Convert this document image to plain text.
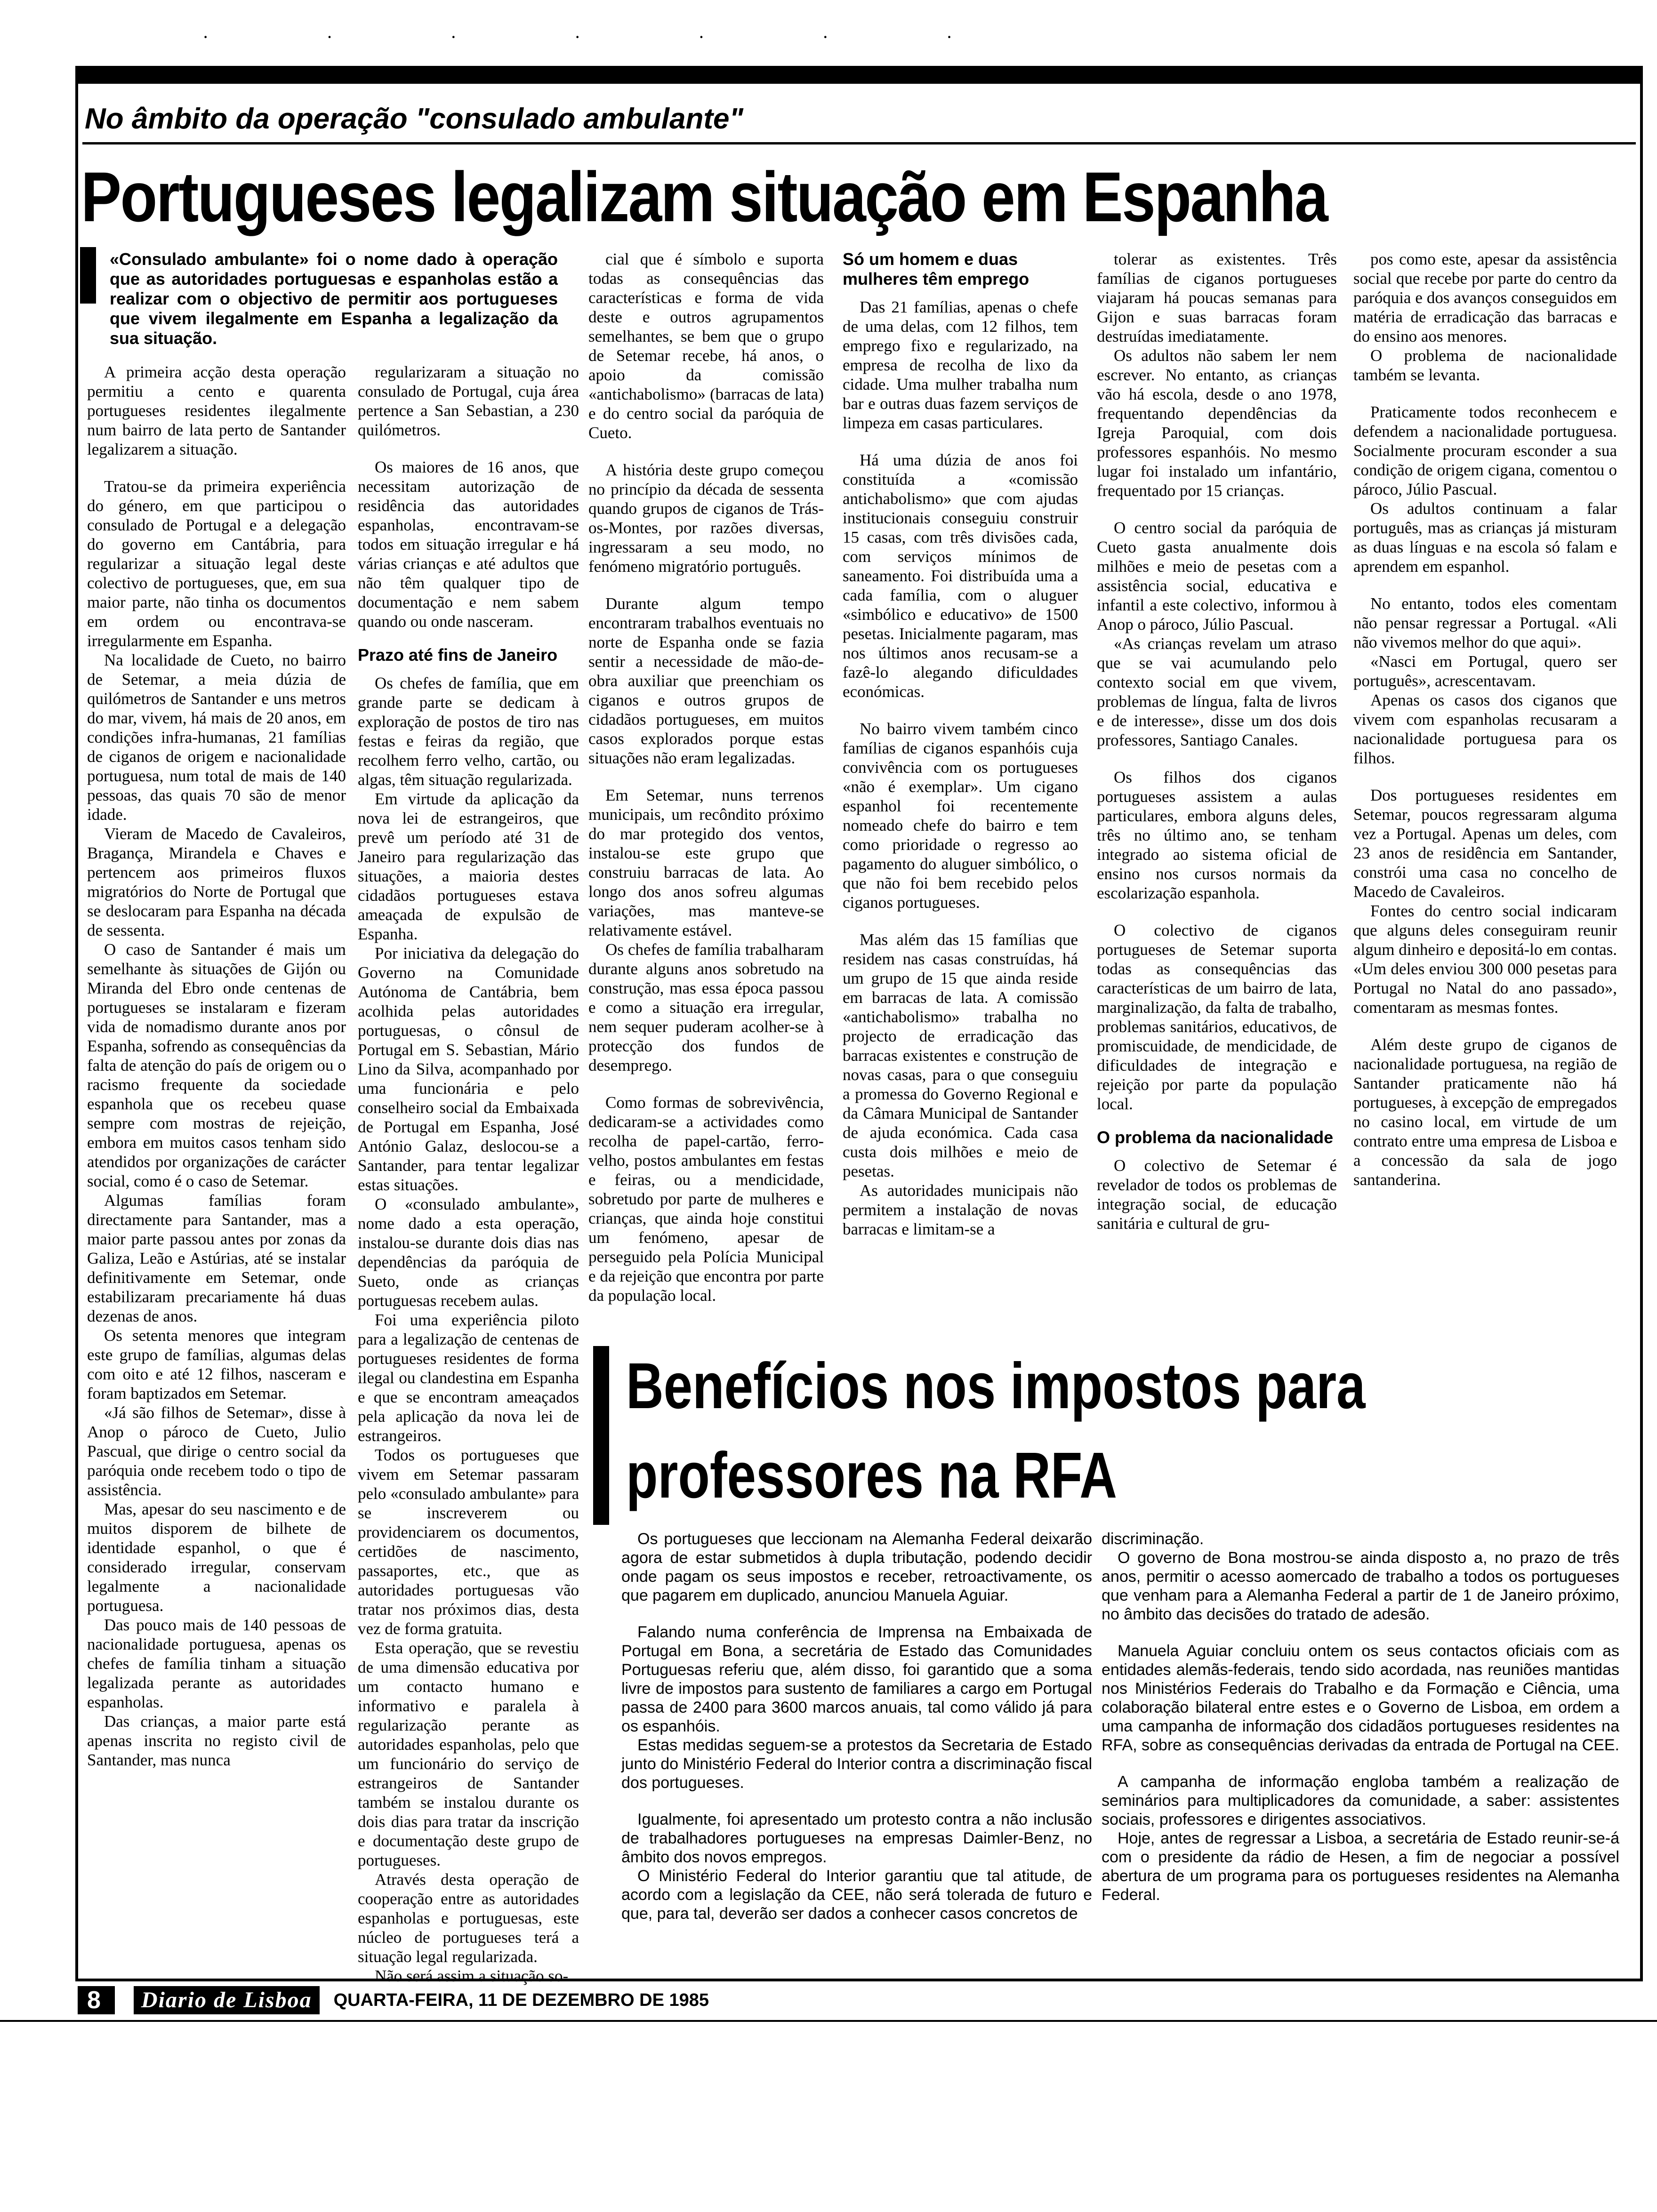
· · · · · · ·
No âmbito da operação "consulado ambulante"
Portugueses legalizam situação em Espanha
«Consulado ambulante» foi o nome dado à operação que as autoridades portuguesas e espanholas estão a realizar com o objectivo de permitir aos portugueses que vivem ilegalmente em Espanha a legalização da sua situação.

A primeira acção desta operação permitiu a cento e quarenta portugueses residentes ilegalmente num bairro de lata perto de Santander legalizarem a situação.

Tratou-se da primeira experiência do género, em que participou o consulado de Portugal e a delegação do governo em Cantábria, para regularizar a situação legal deste colectivo de portugueses, que, em sua maior parte, não tinha os documentos em ordem ou encontrava-se irregularmente em Espanha.

Na localidade de Cueto, no bairro de Setemar, a meia dúzia de quilómetros de Santander e uns metros do mar, vivem, há mais de 20 anos, em condições infra-humanas, 21 famílias de ciganos de origem e nacionalidade portuguesa, num total de mais de 140 pessoas, das quais 70 são de menor idade.

Vieram de Macedo de Cavaleiros, Bragança, Mirandela e Chaves e pertencem aos primeiros fluxos migratórios do Norte de Portugal que se deslocaram para Espanha na década de sessenta.

O caso de Santander é mais um semelhante às situações de Gijón ou Miranda del Ebro onde centenas de portugueses se instalaram e fizeram vida de nomadismo durante anos por Espanha, sofrendo as consequências da falta de atenção do país de origem ou o racismo frequente da sociedade espanhola que os recebeu quase sempre com mostras de rejeição, embora em muitos casos tenham sido atendidos por organizações de carácter social, como é o caso de Setemar.

Algumas famílias foram directamente para Santander, mas a maior parte passou antes por zonas da Galiza, Leão e Astúrias, até se instalar definitivamente em Setemar, onde estabilizaram precariamente há duas dezenas de anos.

Os setenta menores que integram este grupo de famílias, algumas delas com oito e até 12 filhos, nasceram e foram baptizados em Setemar.

«Já são filhos de Setemar», disse à Anop o pároco de Cueto, Julio Pascual, que dirige o centro social da paróquia onde recebem todo o tipo de assistência.

Mas, apesar do seu nascimento e de muitos disporem de bilhete de identidade espanhol, o que é considerado irregular, conservam legalmente a nacionalidade portuguesa.

Das pouco mais de 140 pessoas de nacionalidade portuguesa, apenas os chefes de família tinham a situação legalizada perante as autoridades espanholas.

Das crianças, a maior parte está apenas inscrita no registo civil de Santander, mas nunca

regularizaram a situação no consulado de Portugal, cuja área pertence a San Sebastian, a 230 quilómetros.

Os maiores de 16 anos, que necessitam autorização de residência das autoridades espanholas, encontravam-se todos em situação irregular e há várias crianças e até adultos que não têm qualquer tipo de documentação e nem sabem quando ou onde nasceram.

Prazo até fins de Janeiro

Os chefes de família, que em grande parte se dedicam à exploração de postos de tiro nas festas e feiras da região, que recolhem ferro velho, cartão, ou algas, têm situação regularizada.

Em virtude da aplicação da nova lei de estrangeiros, que prevê um período até 31 de Janeiro para regularização das situações, a maioria destes cidadãos portugueses estava ameaçada de expulsão de Espanha.

Por iniciativa da delegação do Governo na Comunidade Autónoma de Cantábria, bem acolhida pelas autoridades portuguesas, o cônsul de Portugal em S. Sebastian, Mário Lino da Silva, acompanhado por uma funcionária e pelo conselheiro social da Embaixada de Portugal em Espanha, José António Galaz, deslocou-se a Santander, para tentar legalizar estas situações.

O «consulado ambulante», nome dado a esta operação, instalou-se durante dois dias nas dependências da paróquia de Sueto, onde as crianças portuguesas recebem aulas.

Foi uma experiência piloto para a legalização de centenas de portugueses residentes de forma ilegal ou clandestina em Espanha e que se encontram ameaçados pela aplicação da nova lei de estrangeiros.

Todos os portugueses que vivem em Setemar passaram pelo «consulado ambulante» para se inscreverem ou providenciarem os documentos, certidões de nascimento, passaportes, etc., que as autoridades portuguesas vão tratar nos próximos dias, desta vez de forma gratuita.

Esta operação, que se revestiu de uma dimensão educativa por um contacto humano e informativo e paralela à regularização perante as autoridades espanholas, pelo que um funcionário do serviço de estrangeiros de Santander também se instalou durante os dois dias para tratar da inscrição e documentação deste grupo de portugueses.

Através desta operação de cooperação entre as autoridades espanholas e portuguesas, este núcleo de portugueses terá a situação legal regularizada.

Não será assim a situação so-

cial que é símbolo e suporta todas as consequências das características e forma de vida deste e outros agrupamentos semelhantes, se bem que o grupo de Setemar recebe, há anos, o apoio da comissão «antichabolismo» (barracas de lata) e do centro social da paróquia de Cueto.

A história deste grupo começou no princípio da década de sessenta quando grupos de ciganos de Trás-os-Montes, por razões diversas, ingressaram a seu modo, no fenómeno migratório português.

Durante algum tempo encontraram trabalhos eventuais no norte de Espanha onde se fazia sentir a necessidade de mão-de-obra auxiliar que preenchiam os ciganos e outros grupos de cidadãos portugueses, em muitos casos explorados porque estas situações não eram legalizadas.

Em Setemar, nuns terrenos municipais, um recôndito próximo do mar protegido dos ventos, instalou-se este grupo que construiu barracas de lata. Ao longo dos anos sofreu algumas variações, mas manteve-se relativamente estável.

Os chefes de família trabalharam durante alguns anos sobretudo na construção, mas essa época passou e como a situação era irregular, nem sequer puderam acolher-se à protecção dos fundos de desemprego.

Como formas de sobrevivência, dedicaram-se a actividades como recolha de papel-cartão, ferro-velho, postos ambulantes em festas e feiras, ou a mendicidade, sobretudo por parte de mulheres e crianças, que ainda hoje constitui um fenómeno, apesar de perseguido pela Polícia Municipal e da rejeição que encontra por parte da população local.

Só um homem e duas mulheres têm emprego

Das 21 famílias, apenas o chefe de uma delas, com 12 filhos, tem emprego fixo e regularizado, na empresa de recolha de lixo da cidade. Uma mulher trabalha num bar e outras duas fazem serviços de limpeza em casas particulares.

Há uma dúzia de anos foi constituída a «comissão antichabolismo» que com ajudas institucionais conseguiu construir 15 casas, com três divisões cada, com serviços mínimos de saneamento. Foi distribuída uma a cada família, com o aluguer «simbólico e educativo» de 1500 pesetas. Inicialmente pagaram, mas nos últimos anos recusam-se a fazê-lo alegando dificuldades económicas.

No bairro vivem também cinco famílias de ciganos espanhóis cuja convivência com os portugueses «não é exemplar». Um cigano espanhol foi recentemente nomeado chefe do bairro e tem como prioridade o regresso ao pagamento do aluguer simbólico, o que não foi bem recebido pelos ciganos portugueses.

Mas além das 15 famílias que residem nas casas construídas, há um grupo de 15 que ainda reside em barracas de lata. A comissão «antichabolismo» trabalha no projecto de erradicação das barracas existentes e construção de novas casas, para o que conseguiu a promessa do Governo Regional e da Câmara Municipal de Santander de ajuda económica. Cada casa custa dois milhões e meio de pesetas.

As autoridades municipais não permitem a instalação de novas barracas e limitam-se a

tolerar as existentes. Três famílias de ciganos portugueses viajaram há poucas semanas para Gijon e suas barracas foram destruídas imediatamente.

Os adultos não sabem ler nem escrever. No entanto, as crianças vão há escola, desde o ano 1978, frequentando dependências da Igreja Paroquial, com dois professores espanhóis. No mesmo lugar foi instalado um infantário, frequentado por 15 crianças.

O centro social da paróquia de Cueto gasta anualmente dois milhões e meio de pesetas com a assistência social, educativa e infantil a este colectivo, informou à Anop o pároco, Júlio Pascual.

«As crianças revelam um atraso que se vai acumulando pelo contexto social em que vivem, problemas de língua, falta de livros e de interesse», disse um dos dois professores, Santiago Canales.

Os filhos dos ciganos portugueses assistem a aulas particulares, embora alguns deles, três no último ano, se tenham integrado ao sistema oficial de ensino nos cursos normais da escolarização espanhola.

O colectivo de ciganos portugueses de Setemar suporta todas as consequências das características de um bairro de lata, marginalização, da falta de trabalho, problemas sanitários, educativos, de promiscuidade, de mendicidade, de dificuldades de integração e rejeição por parte da população local.

O problema da nacionalidade

O colectivo de Setemar é revelador de todos os problemas de integração social, de educação sanitária e cultural de gru-

pos como este, apesar da assistência social que recebe por parte do centro da paróquia e dos avanços conseguidos em matéria de erradicação das barracas e do ensino aos menores.

O problema de nacionalidade também se levanta.

Praticamente todos reconhecem e defendem a nacionalidade portuguesa. Socialmente procuram esconder a sua condição de origem cigana, comentou o pároco, Júlio Pascual.

Os adultos continuam a falar português, mas as crianças já misturam as duas línguas e na escola só falam e aprendem em espanhol.

No entanto, todos eles comentam não pensar regressar a Portugal. «Ali não vivemos melhor do que aqui».

«Nasci em Portugal, quero ser português», acrescentavam.

Apenas os casos dos ciganos que vivem com espanholas recusaram a nacionalidade portuguesa para os filhos.

Dos portugueses residentes em Setemar, poucos regressaram alguma vez a Portugal. Apenas um deles, com 23 anos de residência em Santander, constrói uma casa no concelho de Macedo de Cavaleiros.

Fontes do centro social indicaram que alguns deles conseguiram reunir algum dinheiro e depositá-lo em contas. «Um deles enviou 300 000 pesetas para Portugal no Natal do ano passado», comentaram as mesmas fontes.

Além deste grupo de ciganos de nacionalidade portuguesa, na região de Santander praticamente não há portugueses, à excepção de empregados no casino local, em virtude de um contrato entre uma empresa de Lisboa e a concessão da sala de jogo santanderina.

Benefícios nos impostos para professores na RFA

Os portugueses que leccionam na Alemanha Federal deixarão agora de estar submetidos à dupla tributação, podendo decidir onde pagam os seus impostos e receber, retroactivamente, os que pagarem em duplicado, anunciou Manuela Aguiar.

Falando numa conferência de Imprensa na Embaixada de Portugal em Bona, a secretária de Estado das Comunidades Portuguesas referiu que, além disso, foi garantido que a soma livre de impostos para sustento de familiares a cargo em Portugal passa de 2400 para 3600 marcos anuais, tal como válido já para os espanhóis.

Estas medidas seguem-se a protestos da Secretaria de Estado junto do Ministério Federal do Interior contra a discriminação fiscal dos portugueses.

Igualmente, foi apresentado um protesto contra a não inclusão de trabalhadores portugueses na empresas Daimler-Benz, no âmbito dos novos empregos.

O Ministério Federal do Interior garantiu que tal atitude, de acordo com a legislação da CEE, não será tolerada de futuro e que, para tal, deverão ser dados a conhecer casos concretos de

discriminação.

O governo de Bona mostrou-se ainda disposto a, no prazo de três anos, permitir o acesso aomercado de trabalho a todos os portugueses que venham para a Alemanha Federal a partir de 1 de Janeiro próximo, no âmbito das decisões do tratado de adesão.

Manuela Aguiar concluiu ontem os seus contactos oficiais com as entidades alemãs-federais, tendo sido acordada, nas reuniões mantidas nos Ministérios Federais do Trabalho e da Formação e Ciência, uma colaboração bilateral entre estes e o Governo de Lisboa, em ordem a uma campanha de informação dos cidadãos portugueses residentes na RFA, sobre as consequências derivadas da entrada de Portugal na CEE.

A campanha de informação engloba também a realização de seminários para multiplicadores da comunidade, a saber: assistentes sociais, professores e dirigentes associativos.

Hoje, antes de regressar a Lisboa, a secretária de Estado reunir-se-á com o presidente da rádio de Hesen, a fim de negociar a possível abertura de um programa para os portugueses residentes na Alemanha Federal.

8	Diario de Lisboa	QUARTA-FEIRA, 11 DE DEZEMBRO DE 1985
